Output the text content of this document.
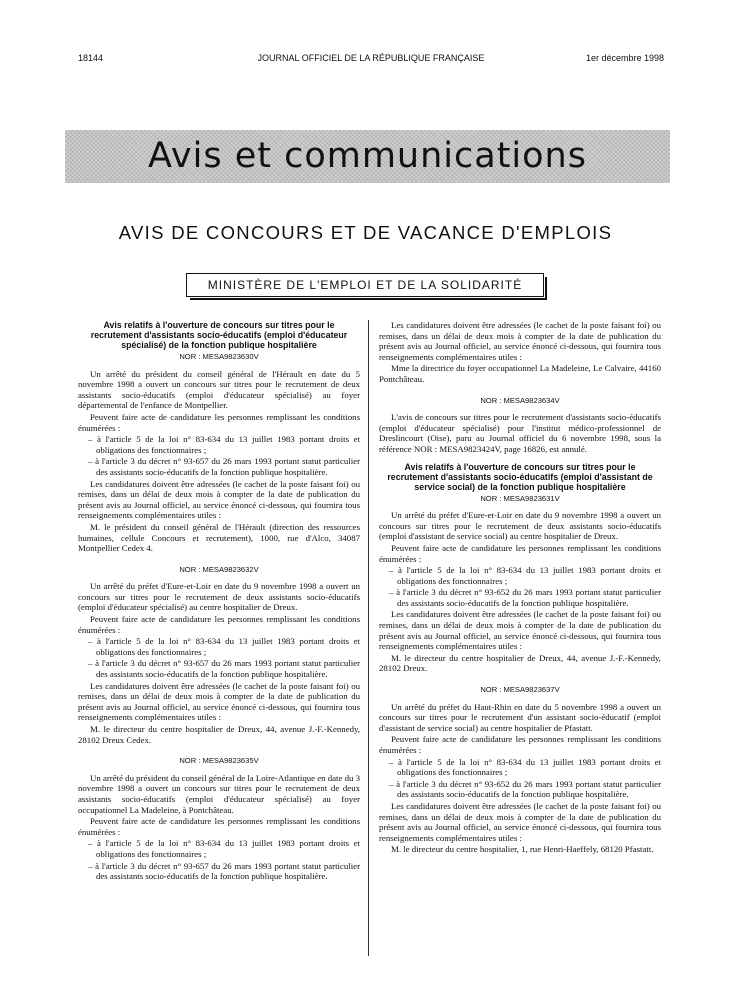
18144	JOURNAL OFFICIEL DE LA RÉPUBLIQUE FRANÇAISE	1er décembre 1998
Avis et communications
AVIS DE CONCOURS ET DE VACANCE D'EMPLOIS
MINISTÈRE DE L'EMPLOI ET DE LA SOLIDARITÉ
Avis relatifs à l'ouverture de concours sur titres pour le recrutement d'assistants socio-éducatifs (emploi d'éducateur spécialisé) de la fonction publique hospitalière
NOR : MESA9823630V

Un arrêté du président du conseil général de l'Hérault en date du 5 novembre 1998 a ouvert un concours sur titres pour le recrutement de deux assistants socio-éducatifs (emploi d'éducateur spécialisé) au foyer départemental de l'enfance de Montpellier.

Peuvent faire acte de candidature les personnes remplissant les conditions énumérées :

– à l'article 5 de la loi n° 83-634 du 13 juillet 1983 portant droits et obligations des fonctionnaires ;
– à l'article 3 du décret n° 93-657 du 26 mars 1993 portant statut particulier des assistants socio-éducatifs de la fonction publique hospitalière.

Les candidatures doivent être adressées (le cachet de la poste faisant foi) ou remises, dans un délai de deux mois à compter de la date de publication du présent avis au Journal officiel, au service énoncé ci-dessous, qui fournira tous renseignements complémentaires utiles :

M. le président du conseil général de l'Hérault (direction des ressources humaines, cellule Concours et recrutement), 1000, rue d'Alco, 34087 Montpellier Cedex 4.

NOR : MESA9823632V

Un arrêté du préfet d'Eure-et-Loir en date du 9 novembre 1998 a ouvert un concours sur titres pour le recrutement de deux assistants socio-éducatifs (emploi d'éducateur spécialisé) au centre hospitalier de Dreux.

Peuvent faire acte de candidature les personnes remplissant les conditions énumérées :

– à l'article 5 de la loi n° 83-634 du 13 juillet 1983 portant droits et obligations des fonctionnaires ;
– à l'article 3 du décret n° 93-657 du 26 mars 1993 portant statut particulier des assistants socio-éducatifs de la fonction publique hospitalière.

Les candidatures doivent être adressées (le cachet de la poste faisant foi) ou remises, dans un délai de deux mois à compter de la date de publication du présent avis au Journal officiel, au service énoncé ci-dessous, qui fournira tous renseignements complémentaires utiles :

M. le directeur du centre hospitalier de Dreux, 44, avenue J.-F.-Kennedy, 28102 Dreux Cedex.

NOR : MESA9823635V

Un arrêté du président du conseil général de la Loire-Atlantique en date du 3 novembre 1998 a ouvert un concours sur titres pour le recrutement de deux assistants socio-éducatifs (emploi d'éducateur spécialisé) au foyer occupationnel La Madeleine, à Pontchâteau.

Peuvent faire acte de candidature les personnes remplissant les conditions énumérées :

– à l'article 5 de la loi n° 83-634 du 13 juillet 1983 portant droits et obligations des fonctionnaires ;
– à l'article 3 du décret n° 93-657 du 26 mars 1993 portant statut particulier des assistants socio-éducatifs de la fonction publique hospitalière.

Les candidatures doivent être adressées (le cachet de la poste faisant foi) ou remises, dans un délai de deux mois à compter de la date de publication du présent avis au Journal officiel, au service énoncé ci-dessous, qui fournira tous renseignements complémentaires utiles :

Mme la directrice du foyer occupationnel La Madeleine, Le Calvaire, 44160 Pontchâteau.

NOR : MESA9823634V

L'avis de concours sur titres pour le recrutement d'assistants socio-éducatifs (emploi d'éducateur spécialisé) pour l'institut médico-professionnel de Dreslincourt (Oise), paru au Journal officiel du 6 novembre 1998, sous la référence NOR : MESA9823424V, page 16826, est annulé.

Avis relatifs à l'ouverture de concours sur titres pour le recrutement d'assistants socio-éducatifs (emploi d'assistant de service social) de la fonction publique hospitalière
NOR : MESA9823631V

Un arrêté du préfet d'Eure-et-Loir en date du 9 novembre 1998 a ouvert un concours sur titres pour le recrutement de deux assistants socio-éducatifs (emploi d'assistant de service social) au centre hospitalier de Dreux.

Peuvent faire acte de candidature les personnes remplissant les conditions énumérées :

– à l'article 5 de la loi n° 83-634 du 13 juillet 1983 portant droits et obligations des fonctionnaires ;
– à l'article 3 du décret n° 93-652 du 26 mars 1993 portant statut particulier des assistants socio-éducatifs de la fonction publique hospitalière.

Les candidatures doivent être adressées (le cachet de la poste faisant foi) ou remises, dans un délai de deux mois à compter de la date de publication du présent avis au Journal officiel, au service énoncé ci-dessous, qui fournira tous renseignements complémentaires utiles :

M. le directeur du centre hospitalier de Dreux, 44, avenue J.-F.-Kennedy, 28102 Dreux.

NOR : MESA9823637V

Un arrêté du préfet du Haut-Rhin en date du 5 novembre 1998 a ouvert un concours sur titres pour le recrutement d'un assistant socio-éducatif (emploi d'assistant de service social) au centre hospitalier de Pfastatt.

Peuvent faire acte de candidature les personnes remplissant les conditions énumérées :

– à l'article 5 de la loi n° 83-634 du 13 juillet 1983 portant droits et obligations des fonctionnaires ;
– à l'article 3 du décret n° 93-652 du 26 mars 1993 portant statut particulier des assistants socio-éducatifs de la fonction publique hospitalière.

Les candidatures doivent être adressées (le cachet de la poste faisant foi) ou remises, dans un délai de deux mois à compter de la date de publication du présent avis au Journal officiel, au service énoncé ci-dessous, qui fournira tous renseignements complémentaires utiles :

M. le directeur du centre hospitalier, 1, rue Henri-Haeffely, 68120 Pfastatt.
